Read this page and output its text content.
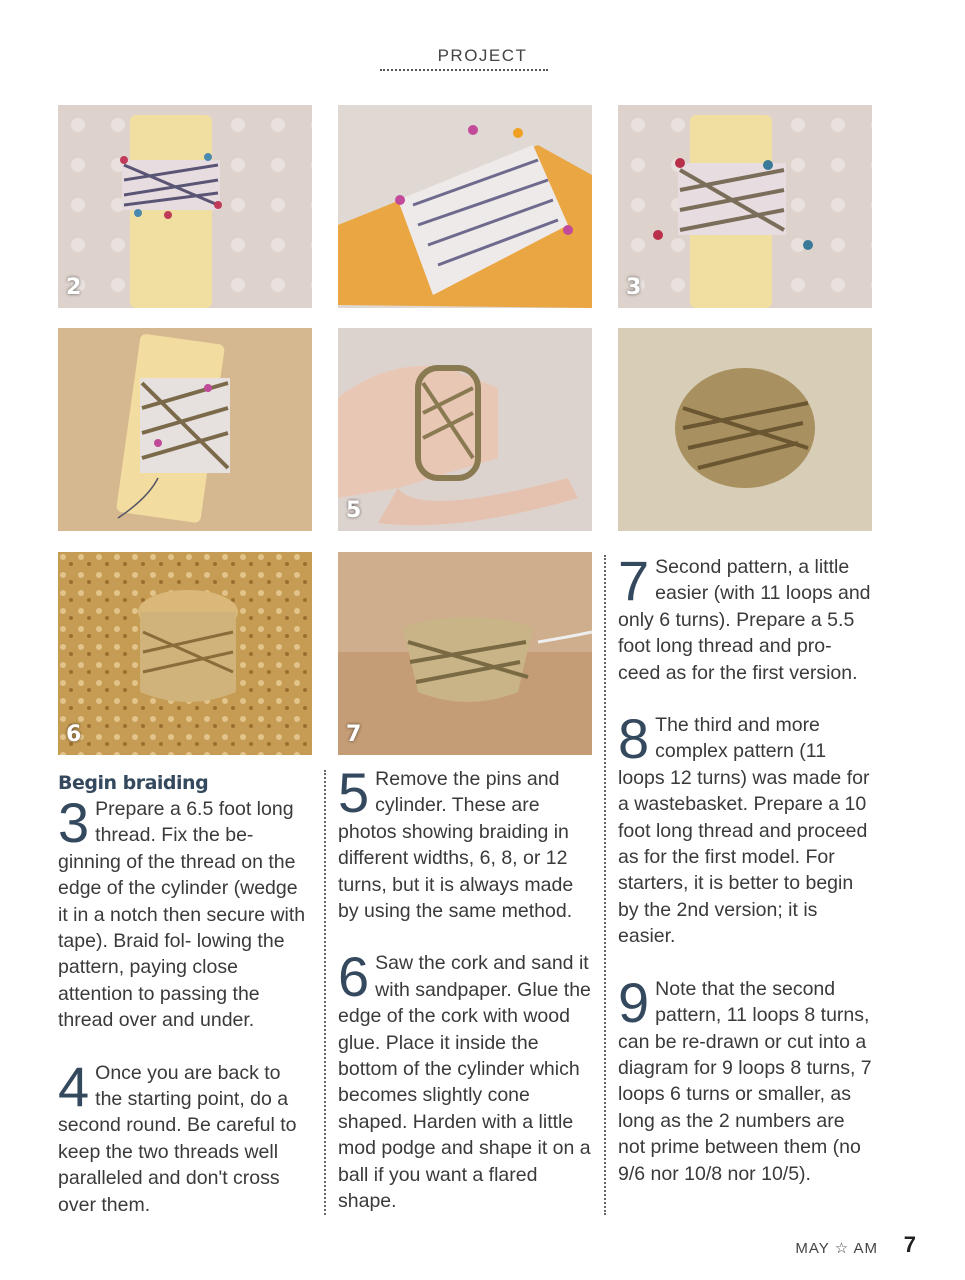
PROJECT
2	3
5
6	7
Begin braiding

3 Prepare a 6.5 foot long thread. Fix the be- ginning of the thread on the edge of the cylinder (wedge it in a notch then secure with tape). Braid fol- lowing the pattern, paying close attention to passing the thread over and under.

4 Once you are back to the starting point, do a second round. Be careful to keep the two threads well paralleled and don't cross over them.

5 Remove the pins and cylinder. These are photos showing braiding in different widths, 6, 8, or 12 turns, but it is always made by using the same method.

6 Saw the cork and sand it with sandpaper. Glue the edge of the cork with wood glue. Place it inside the bottom of the cylinder which becomes slightly cone shaped. Harden with a little mod podge and shape it on a ball if you want a flared shape.

7 Second pattern, a little easier (with 11 loops and only 6 turns). Prepare a 5.5 foot long thread and pro- ceed as for the first version.

8 The third and more complex pattern (11 loops 12 turns) was made for a wastebasket. Prepare a 10 foot long thread and proceed as for the first model. For starters, it is better to begin by the 2nd version; it is easier.

9 Note that the second pattern, 11 loops 8 turns, can be re-drawn or cut into a diagram for 9 loops 8 turns, 7 loops 6 turns or smaller, as long as the 2 numbers are not prime between them (no 9/6 nor 10/8 nor 10/5).

MAY ☆ AM 7
